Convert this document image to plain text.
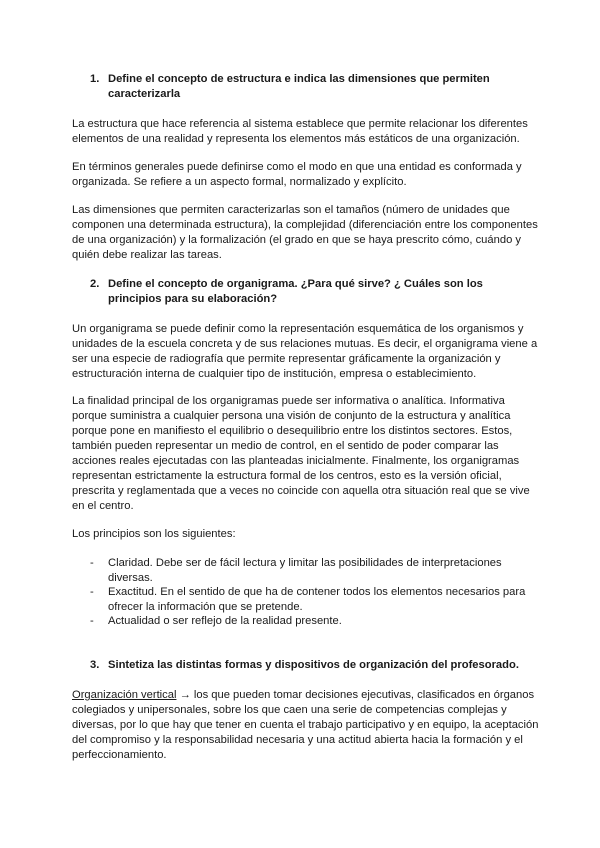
1. Define el concepto de estructura e indica las dimensiones que permiten caracterizarla

La estructura que hace referencia al sistema establece que permite relacionar los diferentes elementos de una realidad y representa los elementos más estáticos de una organización.

En términos generales puede definirse como el modo en que una entidad es conformada y organizada. Se refiere a un aspecto formal, normalizado y explícito.

Las dimensiones que permiten caracterizarlas son el tamaños (número de unidades que componen una determinada estructura), la complejidad (diferenciación entre los componentes de una organización) y la formalización (el grado en que se haya prescrito cómo, cuándo y quién debe realizar las tareas.

2. Define el concepto de organigrama. ¿Para qué sirve? ¿ Cuáles son los principios para su elaboración?

Un organigrama se puede definir como la representación esquemática de los organismos y unidades de la escuela concreta y de sus relaciones mutuas. Es decir, el organigrama viene a ser una especie de radiografía que permite representar gráficamente la organización y estructuración interna de cualquier tipo de institución, empresa o establecimiento.

La finalidad principal de los organigramas puede ser informativa o analítica. Informativa porque suministra a cualquier persona una visión de conjunto de la estructura y analítica porque pone en manifiesto el equilibrio o desequilibrio entre los distintos sectores. Estos, también pueden representar un medio de control, en el sentido de poder comparar las acciones reales ejecutadas con las planteadas inicialmente. Finalmente, los organigramas representan estrictamente la estructura formal de los centros, esto es la versión oficial, prescrita y reglamentada que a veces no coincide con aquella otra situación real que se vive en el centro.

Los principios son los siguientes:

-	Claridad. Debe ser de fácil lectura y limitar las posibilidades de interpretaciones diversas.
-	Exactitud. En el sentido de que ha de contener todos los elementos necesarios para ofrecer la información que se pretende.
-	Actualidad o ser reflejo de la realidad presente.
3. Sintetiza las distintas formas y dispositivos de organización del profesorado.

Organización vertical → los que pueden tomar decisiones ejecutivas, clasificados en órganos colegiados y unipersonales, sobre los que caen una serie de competencias complejas y diversas, por lo que hay que tener en cuenta el trabajo participativo y en equipo, la aceptación del compromiso y la responsabilidad necesaria y una actitud abierta hacia la formación y el perfeccionamiento.
